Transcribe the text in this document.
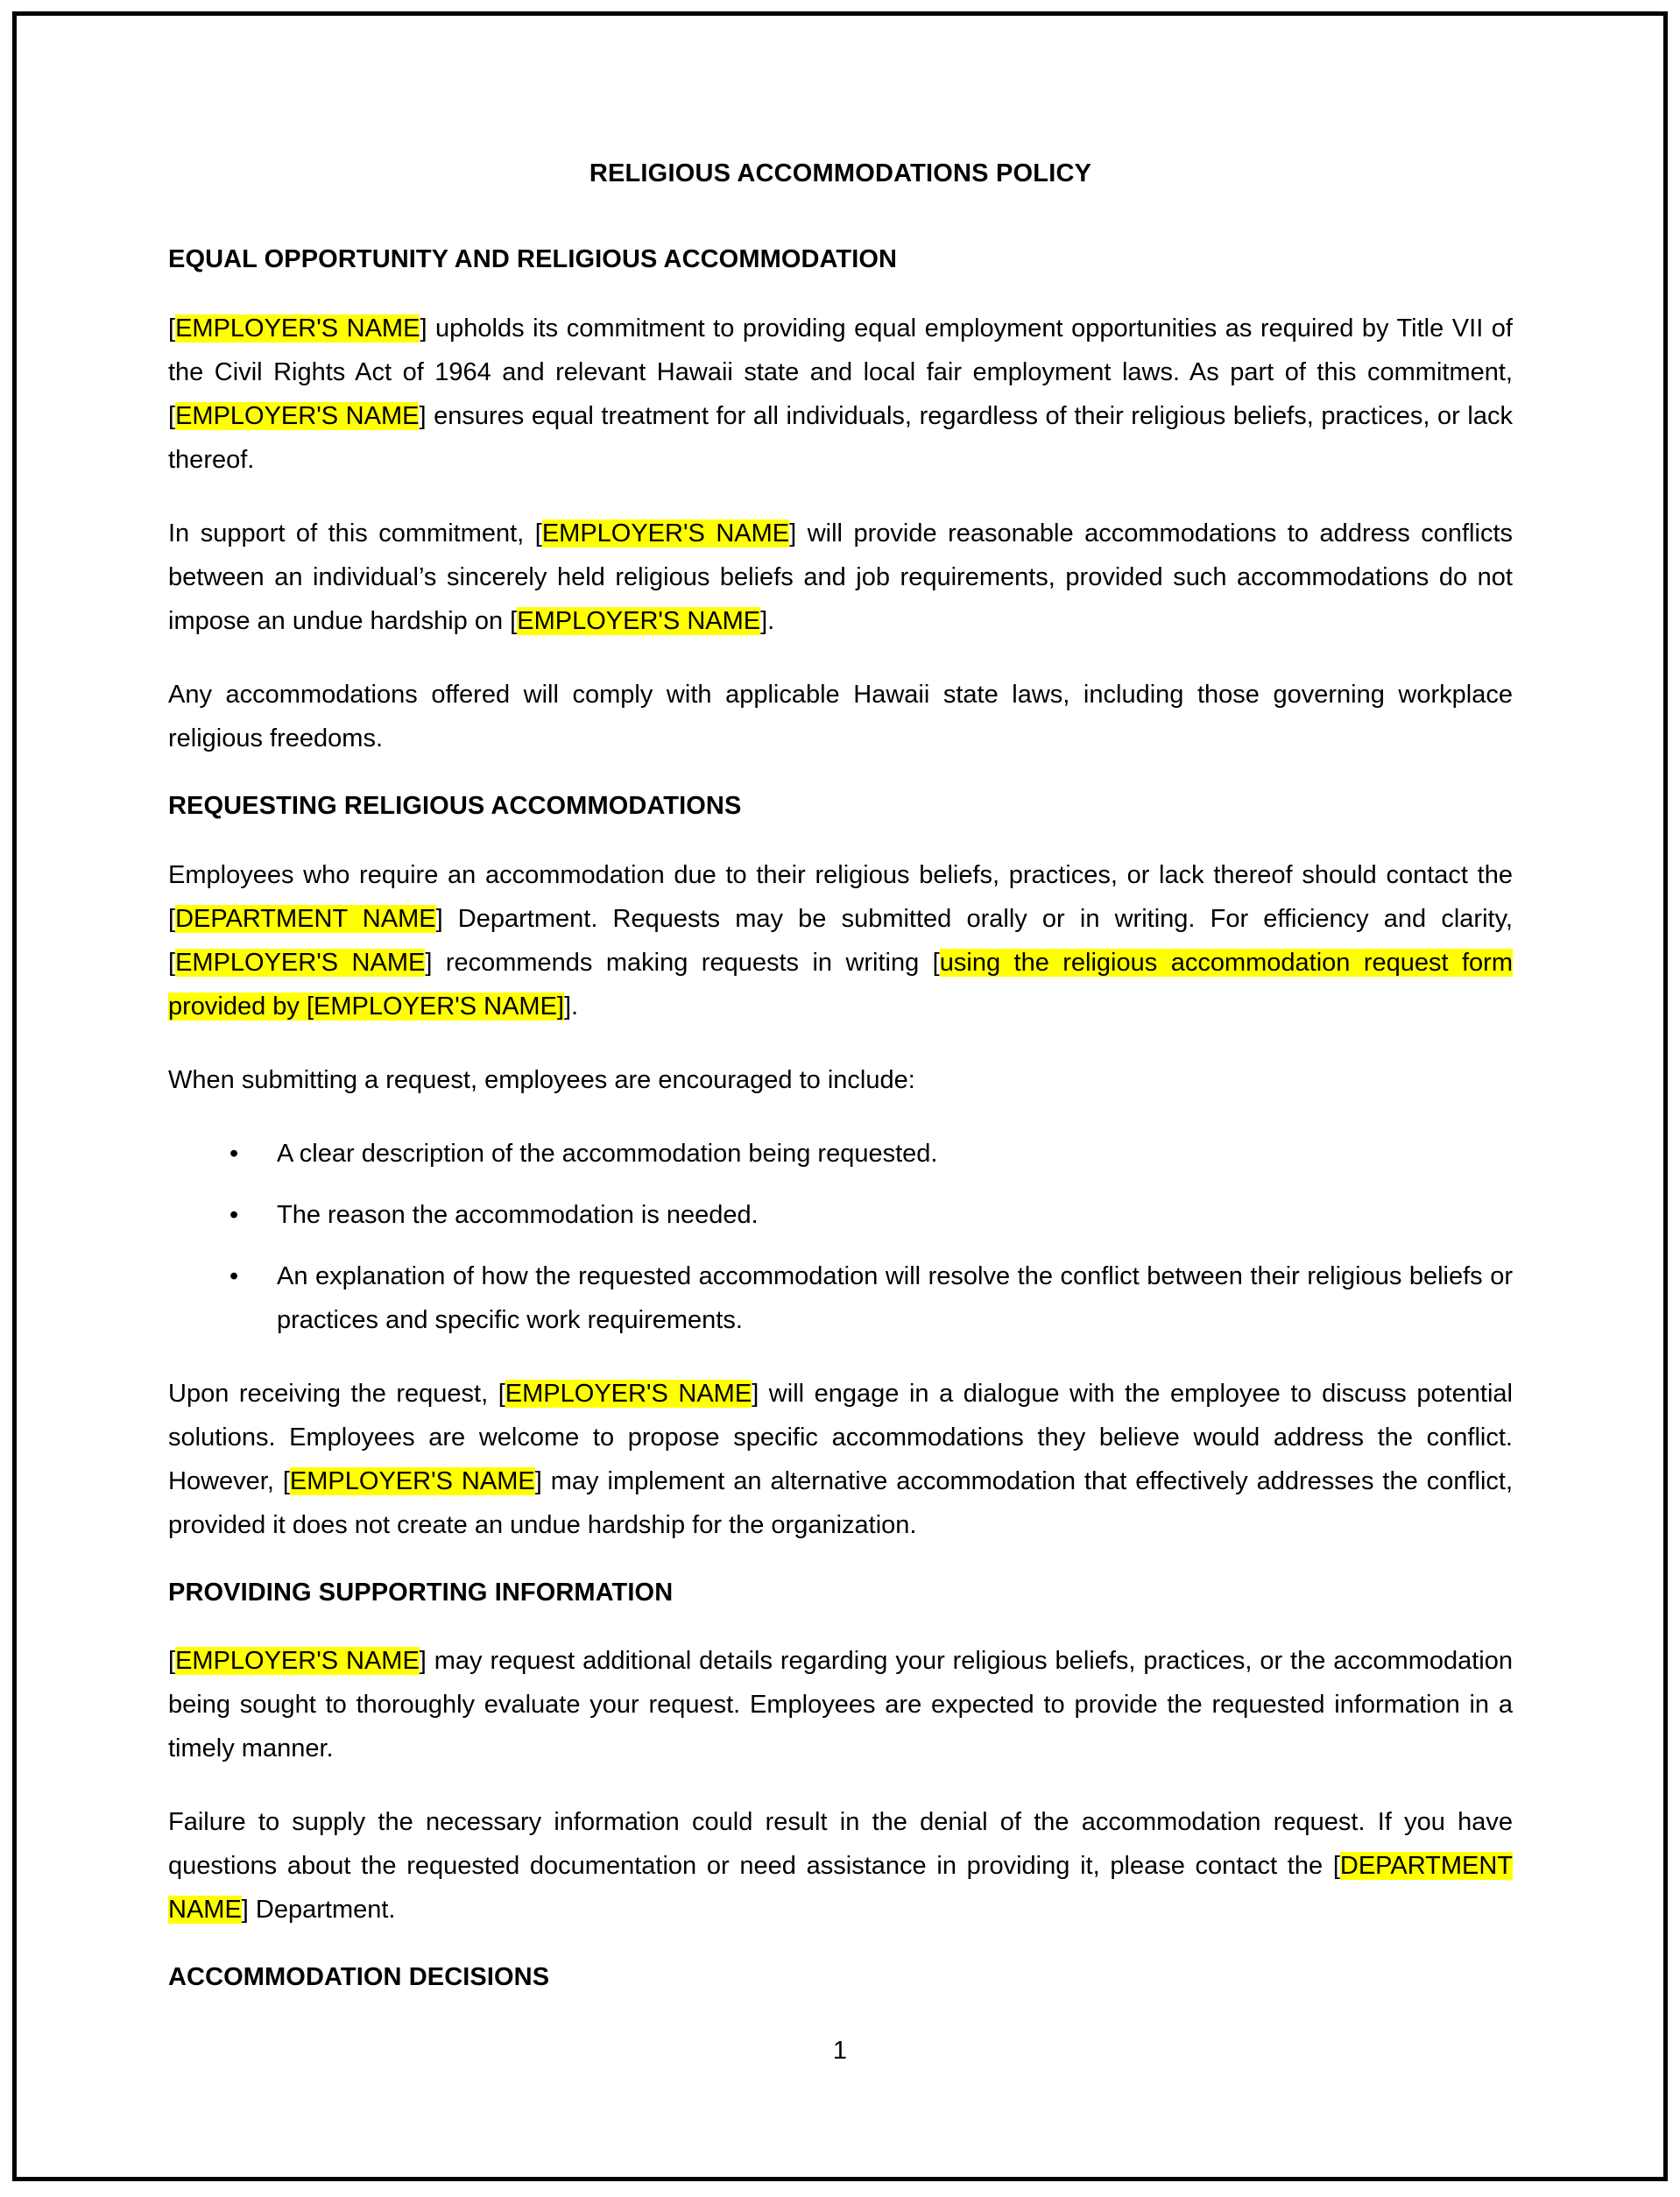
RELIGIOUS ACCOMMODATIONS POLICY
EQUAL OPPORTUNITY AND RELIGIOUS ACCOMMODATION

[EMPLOYER'S NAME] upholds its commitment to providing equal employment opportunities as required by Title VII of the Civil Rights Act of 1964 and relevant Hawaii state and local fair employment laws. As part of this commitment, [EMPLOYER'S NAME] ensures equal treatment for all individuals, regardless of their religious beliefs, practices, or lack thereof.

In support of this commitment, [EMPLOYER'S NAME] will provide reasonable accommodations to address conflicts between an individual’s sincerely held religious beliefs and job requirements, provided such accommodations do not impose an undue hardship on [EMPLOYER'S NAME].

Any accommodations offered will comply with applicable Hawaii state laws, including those governing workplace religious freedoms.

REQUESTING RELIGIOUS ACCOMMODATIONS

Employees who require an accommodation due to their religious beliefs, practices, or lack thereof should contact the [DEPARTMENT NAME] Department. Requests may be submitted orally or in writing. For efficiency and clarity, [EMPLOYER'S NAME] recommends making requests in writing [using the religious accommodation request form provided by [EMPLOYER'S NAME]].

When submitting a request, employees are encouraged to include:

• A clear description of the accommodation being requested.
• The reason the accommodation is needed.
• An explanation of how the requested accommodation will resolve the conflict between their religious beliefs or practices and specific work requirements.

Upon receiving the request, [EMPLOYER'S NAME] will engage in a dialogue with the employee to discuss potential solutions. Employees are welcome to propose specific accommodations they believe would address the conflict. However, [EMPLOYER'S NAME] may implement an alternative accommodation that effectively addresses the conflict, provided it does not create an undue hardship for the organization.

PROVIDING SUPPORTING INFORMATION

[EMPLOYER'S NAME] may request additional details regarding your religious beliefs, practices, or the accommodation being sought to thoroughly evaluate your request. Employees are expected to provide the requested information in a timely manner.

Failure to supply the necessary information could result in the denial of the accommodation request. If you have questions about the requested documentation or need assistance in providing it, please contact the [DEPARTMENT NAME] Department.

ACCOMMODATION DECISIONS
1
